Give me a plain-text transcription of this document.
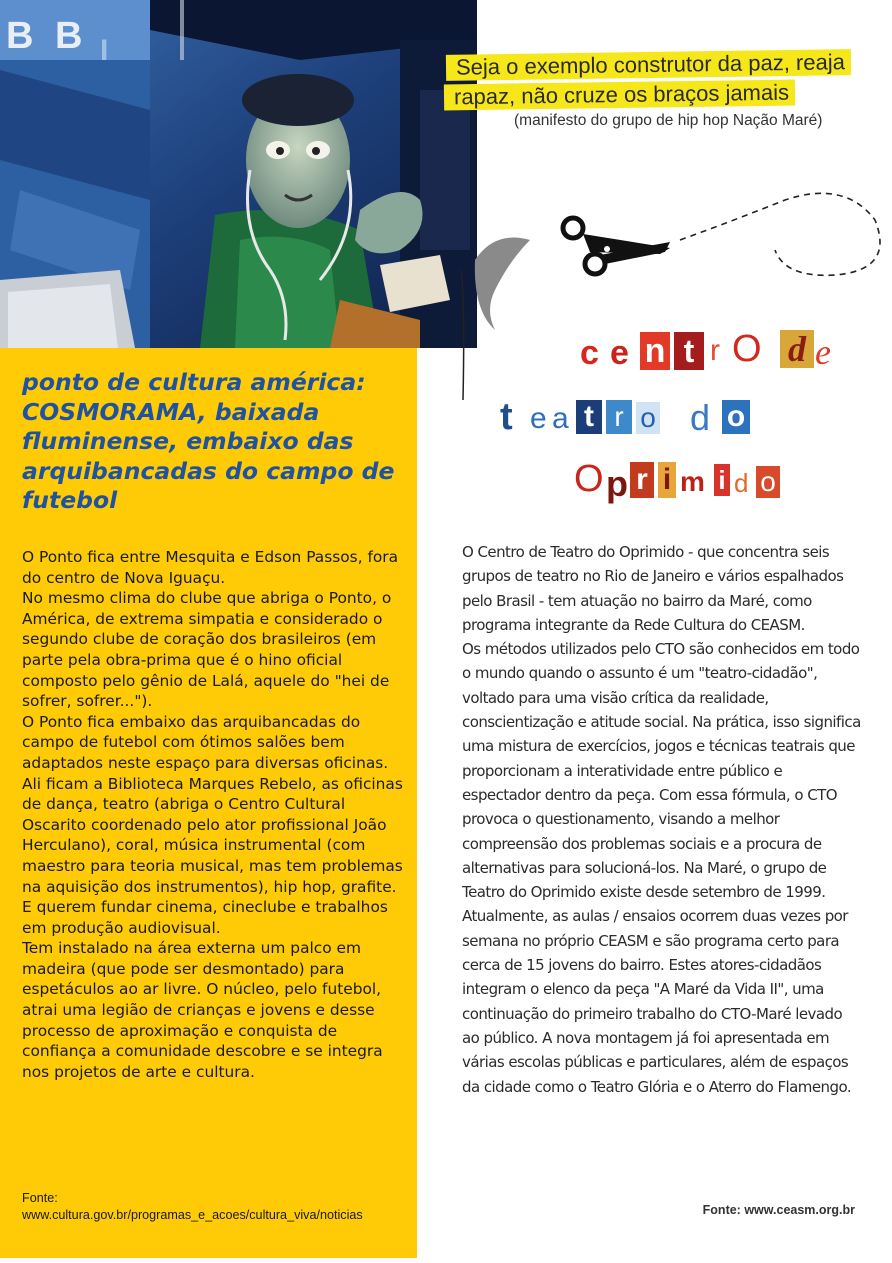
B B I	Seja o exemplo construtor da paz, reaja
rapaz, não cruze os braços jamais
(manifesto do grupo de hip hop Nação Maré)
c e n t r O d e
t e a t r o d o
O p r i m i d o
ponto de cultura américa: COSMORAMA, baixada fluminense, embaixo das arquibancadas do campo de futebol

O Ponto fica entre Mesquita e Edson Passos, fora do centro de Nova Iguaçu.

No mesmo clima do clube que abriga o Ponto, o América, de extrema simpatia e considerado o segundo clube de coração dos brasileiros (em parte pela obra-prima que é o hino oficial composto pelo gênio de Lalá, aquele do "hei de sofrer, sofrer...").

O Ponto fica embaixo das arquibancadas do campo de futebol com ótimos salões bem adaptados neste espaço para diversas oficinas. Ali ficam a Biblioteca Marques Rebelo, as oficinas de dança, teatro (abriga o Centro Cultural Oscarito coordenado pelo ator profissional João Herculano), coral, música instrumental (com maestro para teoria musical, mas tem problemas na aquisição dos instrumentos), hip hop, grafite. E querem fundar cinema, cineclube e trabalhos em produção audiovisual.

Tem instalado na área externa um palco em madeira (que pode ser desmontado) para espetáculos ao ar livre. O núcleo, pelo futebol, atrai uma legião de crianças e jovens e desse processo de aproximação e conquista de confiança a comunidade descobre e se integra nos projetos de arte e cultura.

Fonte:
www.cultura.gov.br/programas_e_acoes/cultura_viva/noticias

O Centro de Teatro do Oprimido - que concentra seis grupos de teatro no Rio de Janeiro e vários espalhados pelo Brasil - tem atuação no bairro da Maré, como programa integrante da Rede Cultura do CEASM.

Os métodos utilizados pelo CTO são conhecidos em todo o mundo quando o assunto é um "teatro-cidadão", voltado para uma visão crítica da realidade, conscientização e atitude social. Na prática, isso significa uma mistura de exercícios, jogos e técnicas teatrais que proporcionam a interatividade entre público e espectador dentro da peça. Com essa fórmula, o CTO provoca o questionamento, visando a melhor compreensão dos problemas sociais e a procura de alternativas para solucioná-los. Na Maré, o grupo de Teatro do Oprimido existe desde setembro de 1999. Atualmente, as aulas / ensaios ocorrem duas vezes por semana no próprio CEASM e são programa certo para cerca de 15 jovens do bairro. Estes atores-cidadãos integram o elenco da peça "A Maré da Vida II", uma continuação do primeiro trabalho do CTO-Maré levado ao público. A nova montagem já foi apresentada em várias escolas públicas e particulares, além de espaços da cidade como o Teatro Glória e o Aterro do Flamengo.

Fonte: www.ceasm.org.br
